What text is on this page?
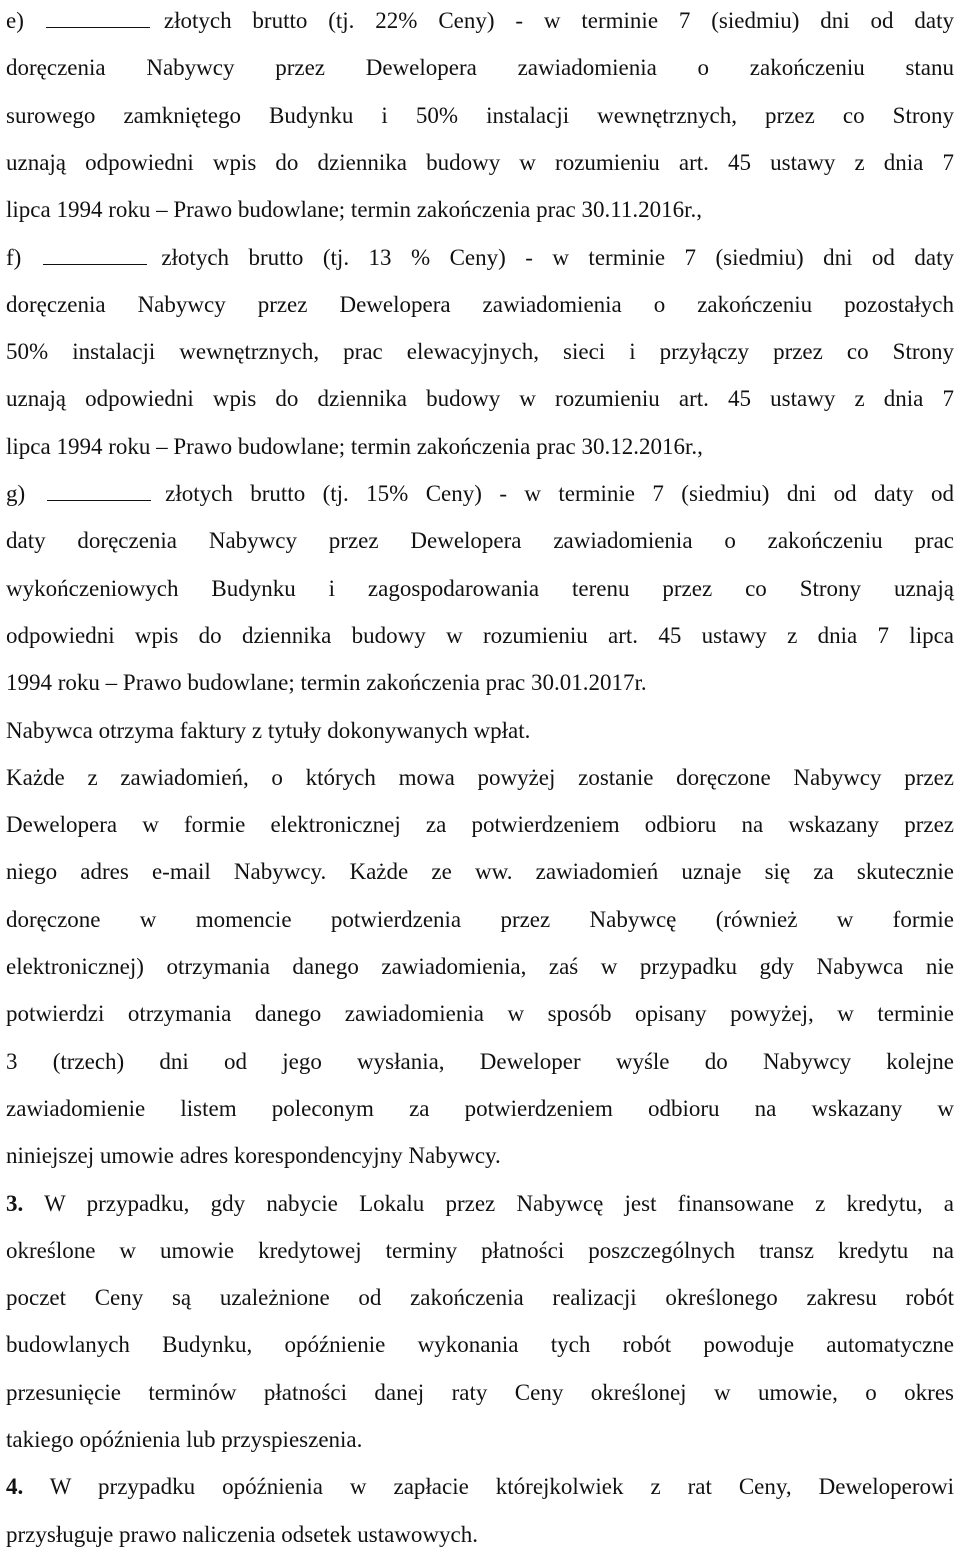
e)	złotych brutto (tj. 22% Ceny) - w terminie 7 (siedmiu) dni od daty
doręczenia Nabywcy przez Dewelopera zawiadomienia o zakończeniu stanu
surowego zamkniętego Budynku i 50% instalacji wewnętrznych, przez co Strony
uznają odpowiedni wpis do dziennika budowy w rozumieniu art. 45 ustawy z dnia 7
lipca 1994 roku – Prawo budowlane; termin zakończenia prac 30.11.2016r.,
f)	złotych brutto (tj. 13 % Ceny) - w terminie 7 (siedmiu) dni od daty
doręczenia Nabywcy przez Dewelopera zawiadomienia o zakończeniu pozostałych
50% instalacji wewnętrznych, prac elewacyjnych, sieci i przyłączy przez co Strony
uznają odpowiedni wpis do dziennika budowy w rozumieniu art. 45 ustawy z dnia 7
lipca 1994 roku – Prawo budowlane; termin zakończenia prac 30.12.2016r.,
g)	złotych brutto (tj. 15% Ceny) - w terminie 7 (siedmiu) dni od daty od
daty doręczenia Nabywcy przez Dewelopera zawiadomienia o zakończeniu prac
wykończeniowych Budynku i zagospodarowania terenu przez co Strony uznają
odpowiedni wpis do dziennika budowy w rozumieniu art. 45 ustawy z dnia 7 lipca
1994 roku – Prawo budowlane; termin zakończenia prac 30.01.2017r.
Nabywca otrzyma faktury z tytuły dokonywanych wpłat.
Każde z zawiadomień, o których mowa powyżej zostanie doręczone Nabywcy przez
Dewelopera w formie elektronicznej za potwierdzeniem odbioru na wskazany przez
niego adres e-mail Nabywcy. Każde ze ww. zawiadomień uznaje się za skutecznie
doręczone w momencie potwierdzenia przez Nabywcę (również w formie
elektronicznej) otrzymania danego zawiadomienia, zaś w przypadku gdy Nabywca nie
potwierdzi otrzymania danego zawiadomienia w sposób opisany powyżej, w terminie
3 (trzech) dni od jego wysłania, Deweloper wyśle do Nabywcy kolejne
zawiadomienie listem poleconym za potwierdzeniem odbioru na wskazany w
niniejszej umowie adres korespondencyjny Nabywcy.
3. W przypadku, gdy nabycie Lokalu przez Nabywcę jest finansowane z kredytu, a
określone w umowie kredytowej terminy płatności poszczególnych transz kredytu na
poczet Ceny są uzależnione od zakończenia realizacji określonego zakresu robót
budowlanych Budynku, opóźnienie wykonania tych robót powoduje automatyczne
przesunięcie terminów płatności danej raty Ceny określonej w umowie, o okres
takiego opóźnienia lub przyspieszenia.
4. W przypadku opóźnienia w zapłacie którejkolwiek z rat Ceny, Deweloperowi
przysługuje prawo naliczenia odsetek ustawowych.
